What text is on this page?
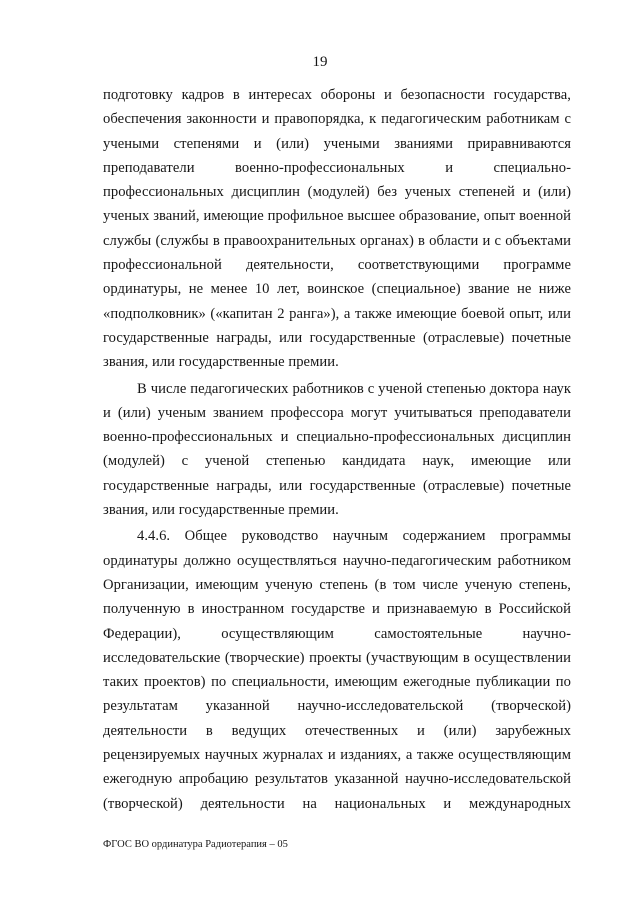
19

подготовку кадров в интересах обороны и безопасности государства, обеспечения законности и правопорядка, к педагогическим работникам с учеными степенями и (или) учеными званиями приравниваются преподаватели военно-профессиональных и специально-профессиональных дисциплин (модулей) без ученых степеней и (или) ученых званий, имеющие профильное высшее образование, опыт военной службы (службы в правоохранительных органах) в области и с объектами профессиональной деятельности, соответствующими программе ординатуры, не менее 10 лет, воинское (специальное) звание не ниже «подполковник» («капитан 2 ранга»), а также имеющие боевой опыт, или государственные награды, или государственные (отраслевые) почетные звания, или государственные премии.

В числе педагогических работников с ученой степенью доктора наук и (или) ученым званием профессора могут учитываться преподаватели военно-профессиональных и специально-профессиональных дисциплин (модулей) с ученой степенью кандидата наук, имеющие или государственные награды, или государственные (отраслевые) почетные звания, или государственные премии.

4.4.6. Общее руководство научным содержанием программы ординатуры должно осуществляться научно-педагогическим работником Организации, имеющим ученую степень (в том числе ученую степень, полученную в иностранном государстве и признаваемую в Российской Федерации), осуществляющим самостоятельные научно-исследовательские (творческие) проекты (участвующим в осуществлении таких проектов) по специальности, имеющим ежегодные публикации по результатам указанной научно-исследовательской (творческой) деятельности в ведущих отечественных и (или) зарубежных рецензируемых научных журналах и изданиях, а также осуществляющим ежегодную апробацию результатов указанной научно-исследовательской (творческой) деятельности на национальных и международных

ФГОС ВО ординатура Радиотерапия – 05
